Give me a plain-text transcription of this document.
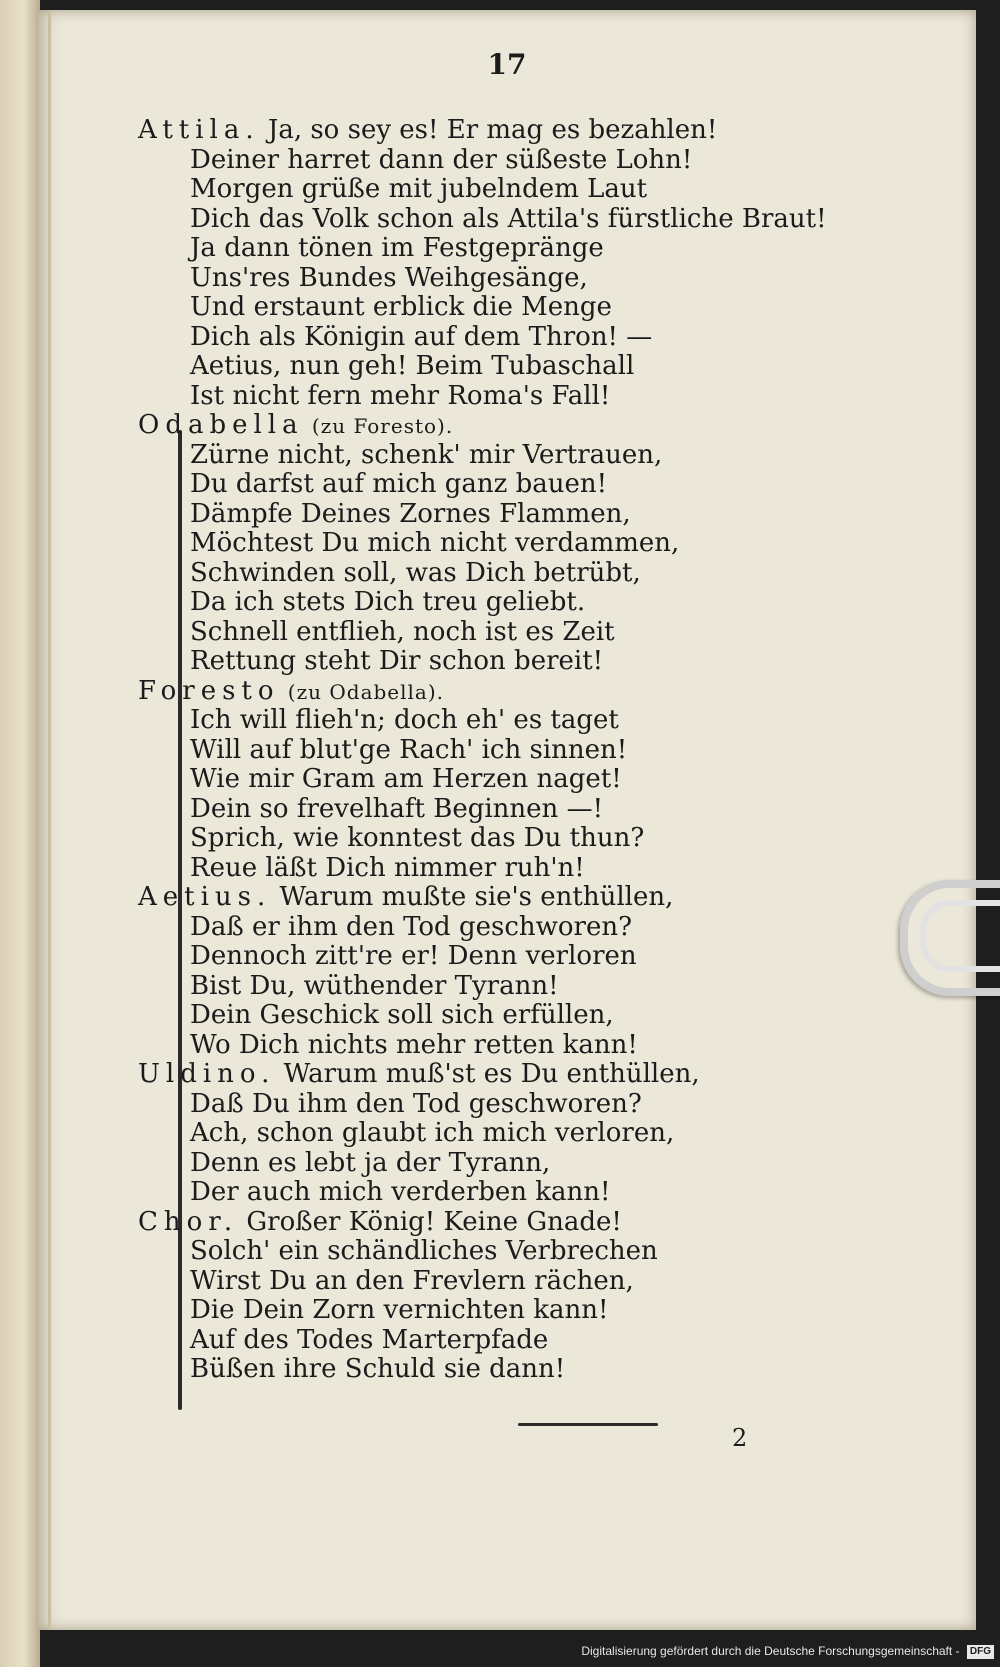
17
Attila. Ja, so sey es! Er mag es bezahlen!
Deiner harret dann der süßeste Lohn!
Morgen grüße mit jubelndem Laut
Dich das Volk schon als Attila's fürstliche Braut!
Ja dann tönen im Festgepränge
Uns'res Bundes Weihgesänge,
Und erstaunt erblick die Menge
Dich als Königin auf dem Thron! —
Aetius, nun geh! Beim Tubaschall
Ist nicht fern mehr Roma's Fall!
Odabella (zu Foresto).
Zürne nicht, schenk' mir Vertrauen,
Du darfst auf mich ganz bauen!
Dämpfe Deines Zornes Flammen,
Möchtest Du mich nicht verdammen,
Schwinden soll, was Dich betrübt,
Da ich stets Dich treu geliebt.
Schnell entflieh, noch ist es Zeit
Rettung steht Dir schon bereit!
Foresto (zu Odabella).
Ich will flieh'n; doch eh' es taget
Will auf blut'ge Rach' ich sinnen!
Wie mir Gram am Herzen naget!
Dein so frevelhaft Beginnen —!
Sprich, wie konntest das Du thun?
Reue läßt Dich nimmer ruh'n!
Aetius. Warum mußte sie's enthüllen,
Daß er ihm den Tod geschworen?
Dennoch zitt're er! Denn verloren
Bist Du, wüthender Tyrann!
Dein Geschick soll sich erfüllen,
Wo Dich nichts mehr retten kann!
Uldino. Warum muß'st es Du enthüllen,
Daß Du ihm den Tod geschworen?
Ach, schon glaubt ich mich verloren,
Denn es lebt ja der Tyrann,
Der auch mich verderben kann!
Chor. Großer König! Keine Gnade!
Solch' ein schändliches Verbrechen
Wirst Du an den Frevlern rächen,
Die Dein Zorn vernichten kann!
Auf des Todes Marterpfade
Büßen ihre Schuld sie dann!
2
Digitalisierung gefördert durch die Deutsche Forschungsgemeinschaft - DFG
